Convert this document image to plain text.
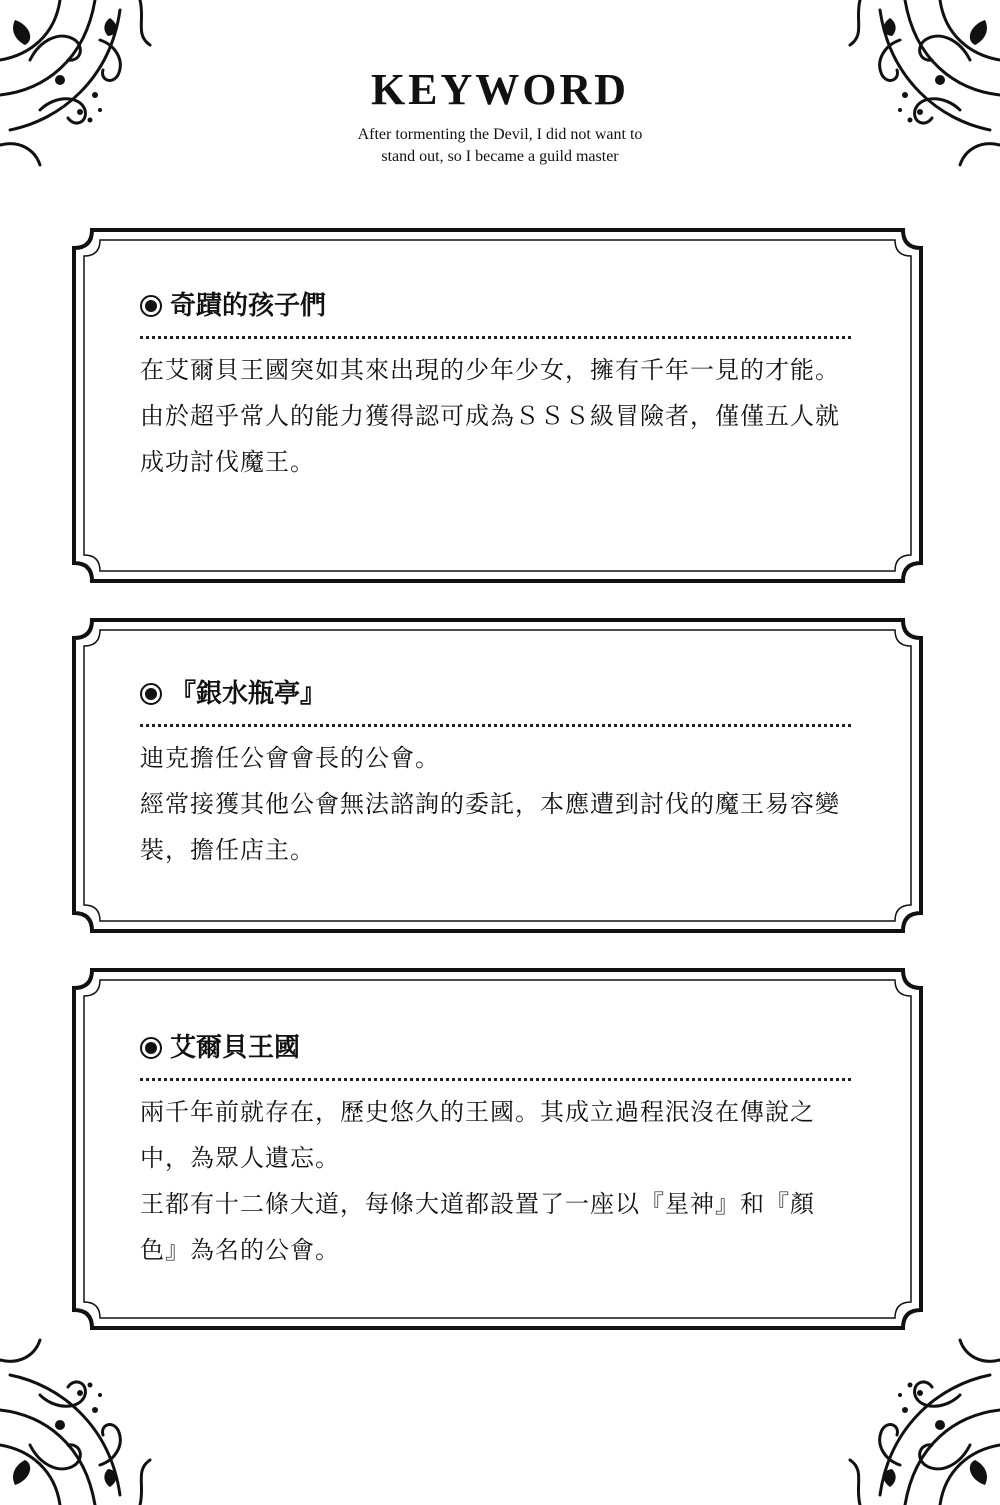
KEYWORD
After tormenting the Devil, I did not want to
stand out, so I became a guild master
奇蹟的孩子們

在艾爾貝王國突如其來出現的少年少女，擁有千年一見的才能。

由於超乎常人的能力獲得認可成為ＳＳＳ級冒險者，僅僅五人就成功討伐魔王。

『銀水瓶亭』

迪克擔任公會會長的公會。

經常接獲其他公會無法諮詢的委託，本應遭到討伐的魔王易容變裝，擔任店主。

艾爾貝王國

兩千年前就存在，歷史悠久的王國。其成立過程泯沒在傳說之中，為眾人遺忘。

王都有十二條大道，每條大道都設置了一座以『星神』和『顏色』為名的公會。
